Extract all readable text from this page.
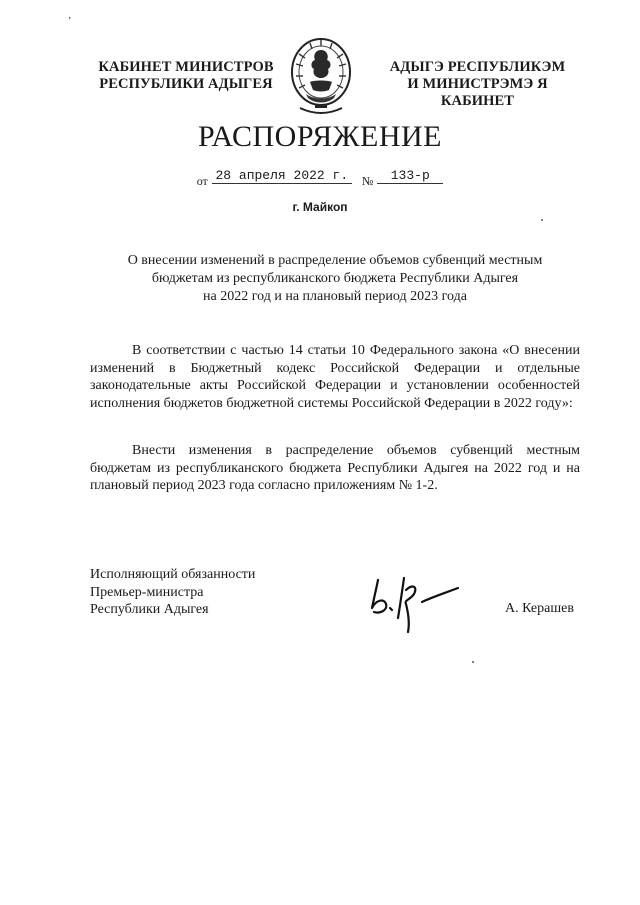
’
КАБИНЕТ МИНИСТРОВ
РЕСПУБЛИКИ АДЫГЕЯ
АДЫГЭ РЕСПУБЛИКЭМ
И МИНИСТРЭМЭ Я КАБИНЕТ
РАСПОРЯЖЕНИЕ
$_{от}$ 28 апреля 2022 г. $_№$ 133-р
г. Майкоп
О внесении изменений в распределение объемов субвенций местным
бюджетам из республиканского бюджета Республики Адыгея
на 2022 год и на плановый период 2023 года
В соответствии с частью 14 статьи 10 Федерального закона «О внесении изменений в Бюджетный кодекс Российской Федерации и отдельные законодательные акты Российской Федерации и установлении особенностей исполнения бюджетов бюджетной системы Российской Федерации в 2022 году»:
Внести изменения в распределение объемов субвенций местным бюджетам из республиканского бюджета Республики Адыгея на 2022 год и на плановый период 2023 года согласно приложениям № 1-2.
Исполняющий обязанности
Премьер-министра
Республики Адыгея	А. Керашев
